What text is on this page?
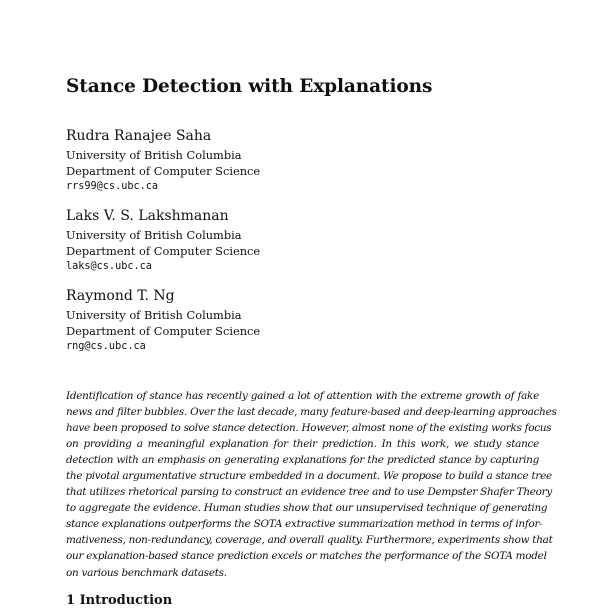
Stance Detection with Explanations
Rudra Ranajee Saha
University of British Columbia
Department of Computer Science
rrs99@cs.ubc.ca
Laks V. S. Lakshmanan
University of British Columbia
Department of Computer Science
laks@cs.ubc.ca
Raymond T. Ng
University of British Columbia
Department of Computer Science
rng@cs.ubc.ca
Identification of stance has recently gained a lot of attention with the extreme growth of fake
news and filter bubbles. Over the last decade, many feature-based and deep-learning approaches
have been proposed to solve stance detection. However, almost none of the existing works focus
on providing a meaningful explanation for their prediction. In this work, we study stance
detection with an emphasis on generating explanations for the predicted stance by capturing
the pivotal argumentative structure embedded in a document. We propose to build a stance tree
that utilizes rhetorical parsing to construct an evidence tree and to use Dempster Shafer Theory
to aggregate the evidence. Human studies show that our unsupervised technique of generating
stance explanations outperforms the SOTA extractive summarization method in terms of infor-
mativeness, non-redundancy, coverage, and overall quality. Furthermore, experiments show that
our explanation-based stance prediction excels or matches the performance of the SOTA model
on various benchmark datasets.
1 Introduction
